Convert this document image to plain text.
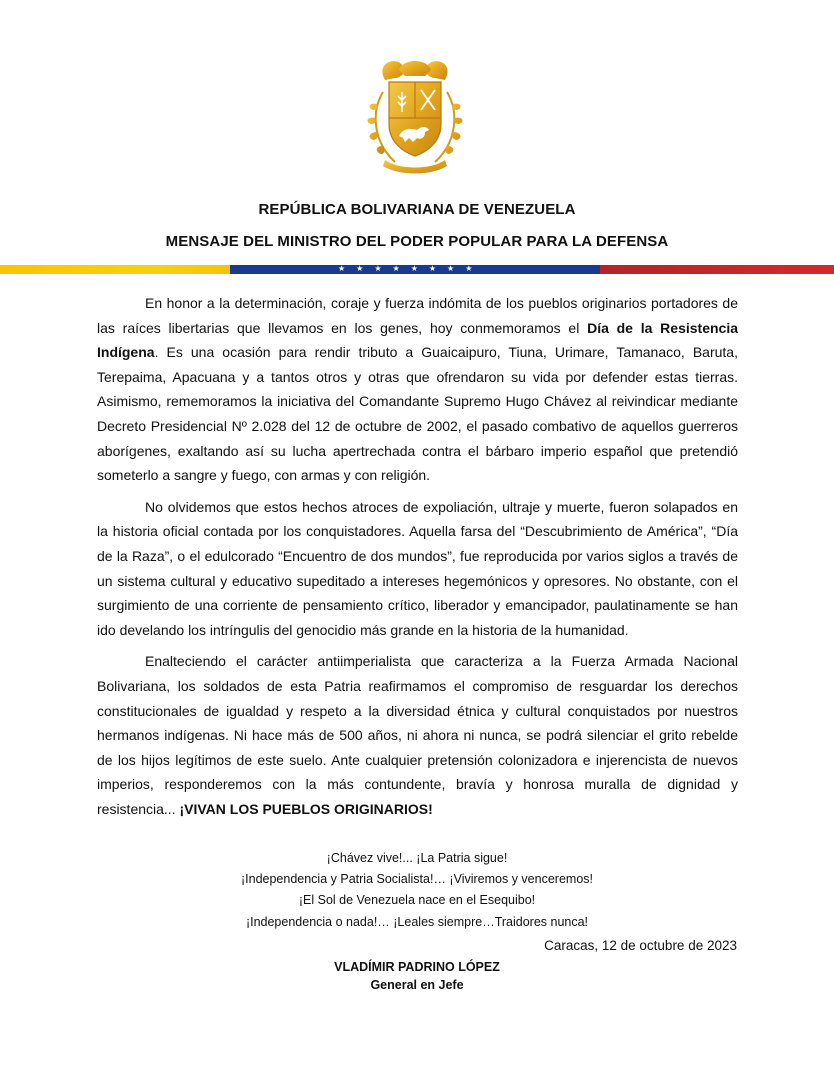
REPÚBLICA BOLIVARIANA DE VENEZUELA
MENSAJE DEL MINISTRO DEL PODER POPULAR PARA LA DEFENSA
★★★★★★★★

En honor a la determinación, coraje y fuerza indómita de los pueblos originarios portadores de las raíces libertarias que llevamos en los genes, hoy conmemoramos el Día de la Resistencia Indígena. Es una ocasión para rendir tributo a Guaicaipuro, Tiuna, Urimare, Tamanaco, Baruta, Terepaima, Apacuana y a tantos otros y otras que ofrendaron su vida por defender estas tierras. Asimismo, rememoramos la iniciativa del Comandante Supremo Hugo Chávez al reivindicar mediante Decreto Presidencial Nº 2.028 del 12 de octubre de 2002, el pasado combativo de aquellos guerreros aborígenes, exaltando así su lucha apertrechada contra el bárbaro imperio español que pretendió someterlo a sangre y fuego, con armas y con religión.

No olvidemos que estos hechos atroces de expoliación, ultraje y muerte, fueron solapados en la historia oficial contada por los conquistadores. Aquella farsa del “Descubrimiento de América”, “Día de la Raza”, o el edulcorado “Encuentro de dos mundos”, fue reproducida por varios siglos a través de un sistema cultural y educativo supeditado a intereses hegemónicos y opresores. No obstante, con el surgimiento de una corriente de pensamiento crítico, liberador y emancipador, paulatinamente se han ido develando los intríngulis del genocidio más grande en la historia de la humanidad.

Enalteciendo el carácter antiimperialista que caracteriza a la Fuerza Armada Nacional Bolivariana, los soldados de esta Patria reafirmamos el compromiso de resguardar los derechos constitucionales de igualdad y respeto a la diversidad étnica y cultural conquistados por nuestros hermanos indígenas. Ni hace más de 500 años, ni ahora ni nunca, se podrá silenciar el grito rebelde de los hijos legítimos de este suelo. Ante cualquier pretensión colonizadora e injerencista de nuevos imperios, responderemos con la más contundente, bravía y honrosa muralla de dignidad y resistencia... ¡VIVAN LOS PUEBLOS ORIGINARIOS!

¡Chávez vive!... ¡La Patria sigue!
¡Independencia y Patria Socialista!… ¡Viviremos y venceremos!
¡El Sol de Venezuela nace en el Esequibo!
¡Independencia o nada!… ¡Leales siempre…Traidores nunca!
Caracas, 12 de octubre de 2023
VLADÍMIR PADRINO LÓPEZ
General en Jefe
